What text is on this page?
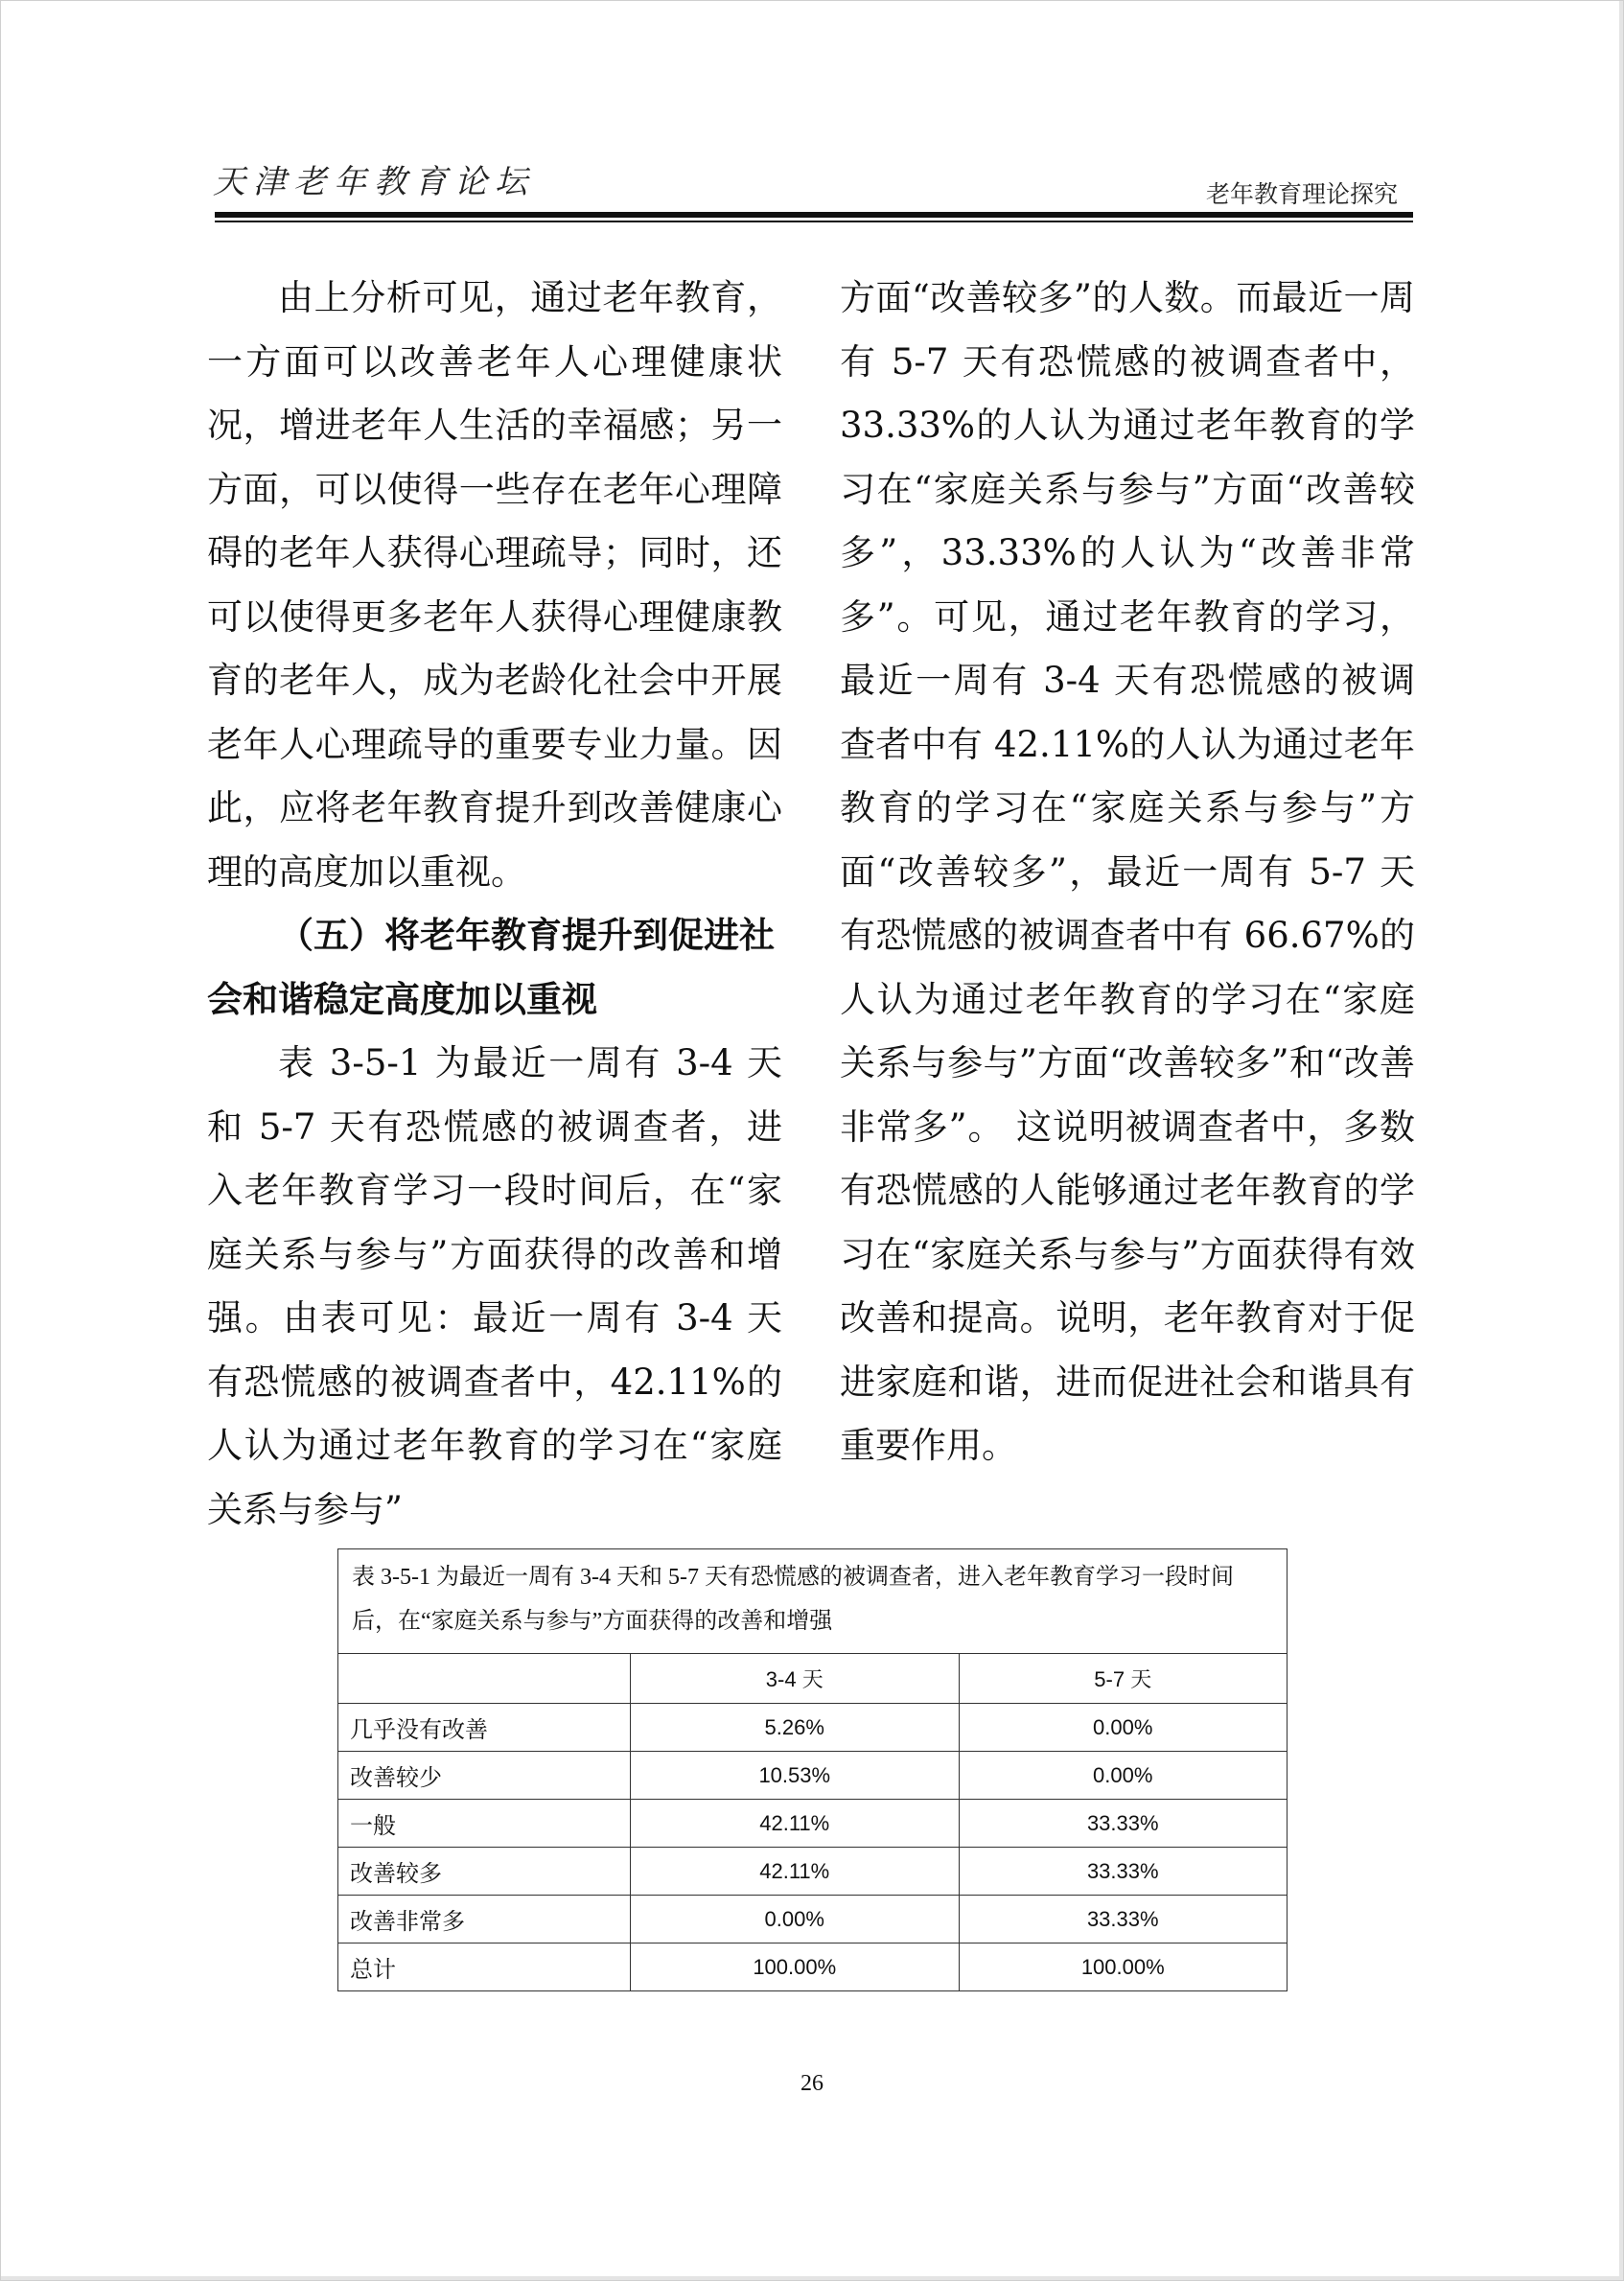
天津老年教育论坛	老年教育理论探究

由上分析可见，通过老年教育，一方面可以改善老年人心理健康状况，增进老年人生活的幸福感；另一方面，可以使得一些存在老年心理障碍的老年人获得心理疏导；同时，还可以使得更多老年人获得心理健康教育的老年人，成为老龄化社会中开展老年人心理疏导的重要专业力量。因此，应将老年教育提升到改善健康心理的高度加以重视。

（五）将老年教育提升到促进社会和谐稳定高度加以重视

表 3-5-1 为最近一周有 3-4 天和 5-7 天有恐慌感的被调查者，进入老年教育学习一段时间后，在“家庭关系与参与”方面获得的改善和增强。由表可见：最近一周有 3-4 天有恐慌感的被调查者中，42.11%的人认为通过老年教育的学习在“家庭关系与参与”

方面“改善较多”的人数。而最近一周有 5-7 天有恐慌感的被调查者中，33.33%的人认为通过老年教育的学习在“家庭关系与参与”方面“改善较多”，33.33%的人认为“改善非常多”。可见，通过老年教育的学习，最近一周有 3-4 天有恐慌感的被调查者中有 42.11%的人认为通过老年教育的学习在“家庭关系与参与”方面“改善较多”，最近一周有 5-7 天有恐慌感的被调查者中有 66.67%的人认为通过老年教育的学习在“家庭关系与参与”方面“改善较多”和“改善非常多”。 这说明被调查者中，多数有恐慌感的人能够通过老年教育的学习在“家庭关系与参与”方面获得有效改善和提高。说明，老年教育对于促进家庭和谐，进而促进社会和谐具有重要作用。

表 3-5-1 为最近一周有 3-4 天和 5-7 天有恐慌感的被调查者，进入老年教育学习一段时间后，在“家庭关系与参与”方面获得的改善和增强
	3-4 天	5-7 天
几乎没有改善	5.26%	0.00%
改善较少	10.53%	0.00%
一般	42.11%	33.33%
改善较多	42.11%	33.33%
改善非常多	0.00%	33.33%
总计	100.00%	100.00%
26
